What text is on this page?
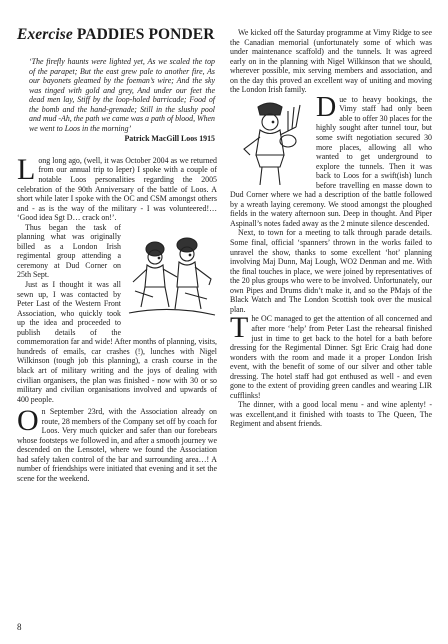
Exercise PADDIES PONDER

‘The firefly haunts were lighted yet, As we scaled the top of the parapet; But the east grew pale to another fire, As our bayonets gleamed by the foeman’s wire; And the sky was tinged with gold and grey, And under our feet the dead men lay, Stiff by the loop-holed barricade; Food of the bomb and the hand-grenade; Still in the slushy pool and mud -Ah, the path we came was a path of blood, When we went to Loos in the morning’

Patrick MacGill Loos 1915

Long long ago, (well, it was October 2004 as we returned from our annual trip to Ieper) I spoke with a couple of notable Loos personalities regarding the 2005 celebration of the 90th Anniversary of the battle of Loos. A short while later I spoke with the OC and CSM amongst others and - as is the way of the military - I was volunteered!… ‘Good idea Sgt D… crack on!’.

Thus began the task of planning what was originally billed as a London Irish regimental group attending a ceremony at Dud Corner on 25th Sept.

Just as I thought it was all sewn up, I was contacted by Peter Last of the Western Front Association, who quickly took up the idea and proceeded to publish details of the commemoration far and wide! After months of planning, visits, hundreds of emails, car crashes (!), lunches with Nigel Wilkinson (tough job this planning), a crash course in the black art of military writing and the joys of dealing with civilian organisers, the plan was finished - now with 30 or so military and civilian organisations involved and upwards of 400 people.

On September 23rd, with the Association already on route, 28 members of the Company set off by coach for Loos. Very much quicker and safer than our forebears whose footsteps we followed in, and after a smooth journey we descended on the Lensotel, where we found the Association had safely taken control of the bar and surrounding area…! A number of friendships were initiated that evening and it set the scene for the weekend.

We kicked off the Saturday programme at Vimy Ridge to see the Canadian memorial (unfortunately some of which was under maintenance scaffold) and the tunnels. It was agreed early on in the planning with Nigel Wilkinson that we should, wherever possible, mix serving members and association, and on the day this proved an excellent way of uniting and moving the London Irish family.

Due to heavy bookings, the Vimy staff had only been able to offer 30 places for the highly sought after tunnel tour, but some swift negotiation secured 30 more places, allowing all who wanted to get underground to explore the tunnels. Then it was back to Loos for a swift(ish) lunch before travelling en masse down to Dud Corner where we had a description of the battle followed by a wreath laying ceremony. We stood amongst the ploughed fields in the watery afternoon sun. Deep in thought. And Piper Aspinall’s notes faded away as the 2 minute silence descended.

Next, to town for a meeting to talk through parade details. Some final, official ‘spanners’ thrown in the works failed to unravel the show, thanks to some excellent ‘hot’ planning involving Maj Dunn, Maj Lough, WO2 Denman and me. With the final touches in place, we were joined by representatives of the 20 plus groups who were to be involved. Unfortunately, our own Pipes and Drums didn’t make it, and so the PMajs of the Black Watch and The London Scottish took over the musical plan.

The OC managed to get the attention of all concerned and after more ‘help’ from Peter Last the rehearsal finished just in time to get back to the hotel for a bath before dressing for the Regimental Dinner. Sgt Eric Craig had done wonders with the room and made it a proper London Irish event, with the benefit of some of our silver and other table dressing. The hotel staff had got enthused as well - and even gone to the extent of providing green candles and wearing LIR cufflinks!

The dinner, with a good local menu - and wine aplenty! - was excellent,and it finished with toasts to The Queen, The Regiment and absent friends.

8
